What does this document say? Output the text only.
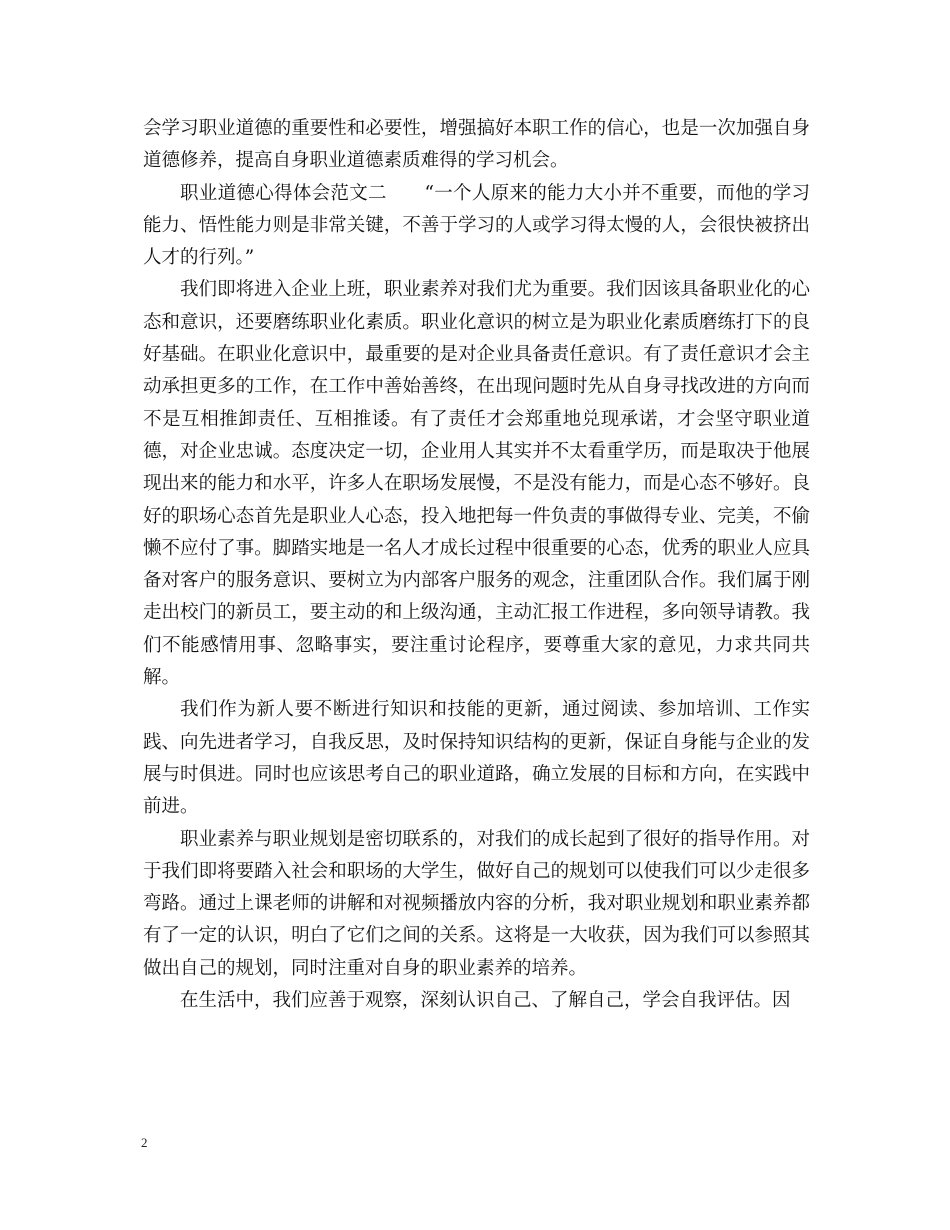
会学习职业道德的重要性和必要性，增强搞好本职工作的信心，也是一次加强自身道德修养，提高自身职业道德素质难得的学习机会。

职业道德心得体会范文二　　“一个人原来的能力大小并不重要，而他的学习能力、悟性能力则是非常关键，不善于学习的人或学习得太慢的人，会很快被挤出人才的行列。”

我们即将进入企业上班，职业素养对我们尤为重要。我们因该具备职业化的心态和意识，还要磨练职业化素质。职业化意识的树立是为职业化素质磨练打下的良好基础。在职业化意识中，最重要的是对企业具备责任意识。有了责任意识才会主动承担更多的工作，在工作中善始善终，在出现问题时先从自身寻找改进的方向而不是互相推卸责任、互相推诿。有了责任才会郑重地兑现承诺，才会坚守职业道德，对企业忠诚。态度决定一切，企业用人其实并不太看重学历，而是取决于他展现出来的能力和水平，许多人在职场发展慢，不是没有能力，而是心态不够好。良好的职场心态首先是职业人心态，投入地把每一件负责的事做得专业、完美，不偷懒不应付了事。脚踏实地是一名人才成长过程中很重要的心态，优秀的职业人应具备对客户的服务意识、要树立为内部客户服务的观念，注重团队合作。我们属于刚走出校门的新员工，要主动的和上级沟通，主动汇报工作进程，多向领导请教。我们不能感情用事、忽略事实，要注重讨论程序，要尊重大家的意见，力求共同共解。

我们作为新人要不断进行知识和技能的更新，通过阅读、参加培训、工作实践、向先进者学习，自我反思，及时保持知识结构的更新，保证自身能与企业的发展与时俱进。同时也应该思考自己的职业道路，确立发展的目标和方向，在实践中前进。

职业素养与职业规划是密切联系的，对我们的成长起到了很好的指导作用。对于我们即将要踏入社会和职场的大学生，做好自己的规划可以使我们可以少走很多弯路。通过上课老师的讲解和对视频播放内容的分析，我对职业规划和职业素养都有了一定的认识，明白了它们之间的关系。这将是一大收获，因为我们可以参照其做出自己的规划，同时注重对自身的职业素养的培养。

在生活中，我们应善于观察，深刻认识自己、了解自己，学会自我评估。因

2
